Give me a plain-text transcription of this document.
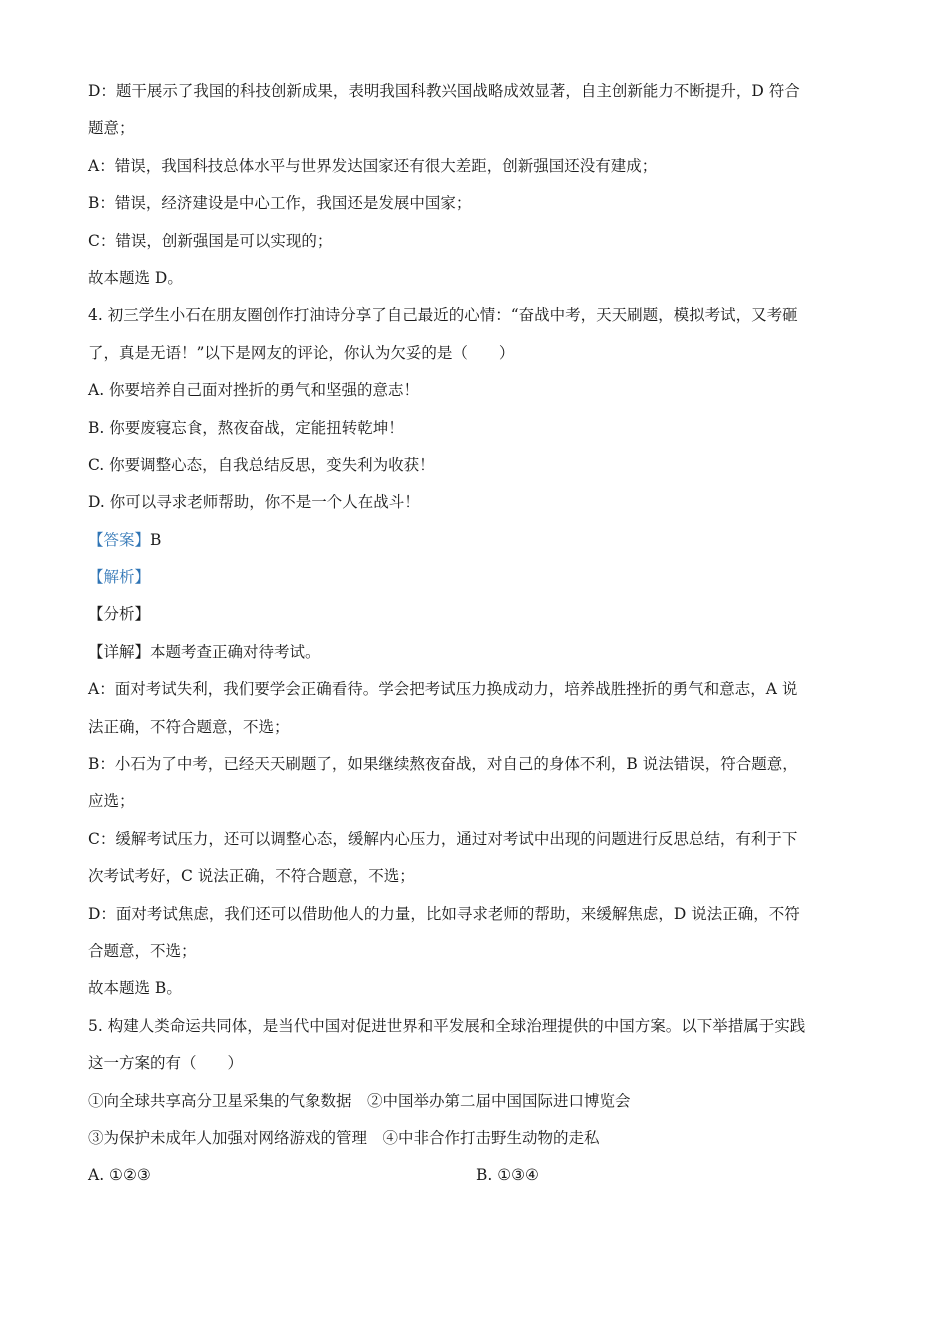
D：题干展示了我国的科技创新成果，表明我国科教兴国战略成效显著，自主创新能力不断提升，D 符合
题意；
A：错误，我国科技总体水平与世界发达国家还有很大差距，创新强国还没有建成；
B：错误，经济建设是中心工作，我国还是发展中国家；
C：错误，创新强国是可以实现的；
故本题选 D。
4. 初三学生小石在朋友圈创作打油诗分享了自己最近的心情：“奋战中考，天天刷题，模拟考试，又考砸
了，真是无语！”以下是网友的评论，你认为欠妥的是（　　）
A. 你要培养自己面对挫折的勇气和坚强的意志！
B. 你要废寝忘食，熬夜奋战，定能扭转乾坤！
C. 你要调整心态，自我总结反思，变失利为收获！
D. 你可以寻求老师帮助，你不是一个人在战斗！
【答案】B
【解析】
【分析】
【详解】本题考查正确对待考试。
A：面对考试失利，我们要学会正确看待。学会把考试压力换成动力，培养战胜挫折的勇气和意志，A 说
法正确，不符合题意，不选；
B：小石为了中考，已经天天刷题了，如果继续熬夜奋战，对自己的身体不利，B 说法错误，符合题意，
应选；
C：缓解考试压力，还可以调整心态，缓解内心压力，通过对考试中出现的问题进行反思总结，有利于下
次考试考好，C 说法正确，不符合题意，不选；
D：面对考试焦虑，我们还可以借助他人的力量，比如寻求老师的帮助，来缓解焦虑，D 说法正确，不符
合题意，不选；
故本题选 B。
5. 构建人类命运共同体，是当代中国对促进世界和平发展和全球治理提供的中国方案。以下举措属于实践
这一方案的有（　　）
①向全球共享高分卫星采集的气象数据　②中国举办第二届中国国际进口博览会
③为保护未成年人加强对网络游戏的管理　④中非合作打击野生动物的走私
A. ①②③	B. ①③④
